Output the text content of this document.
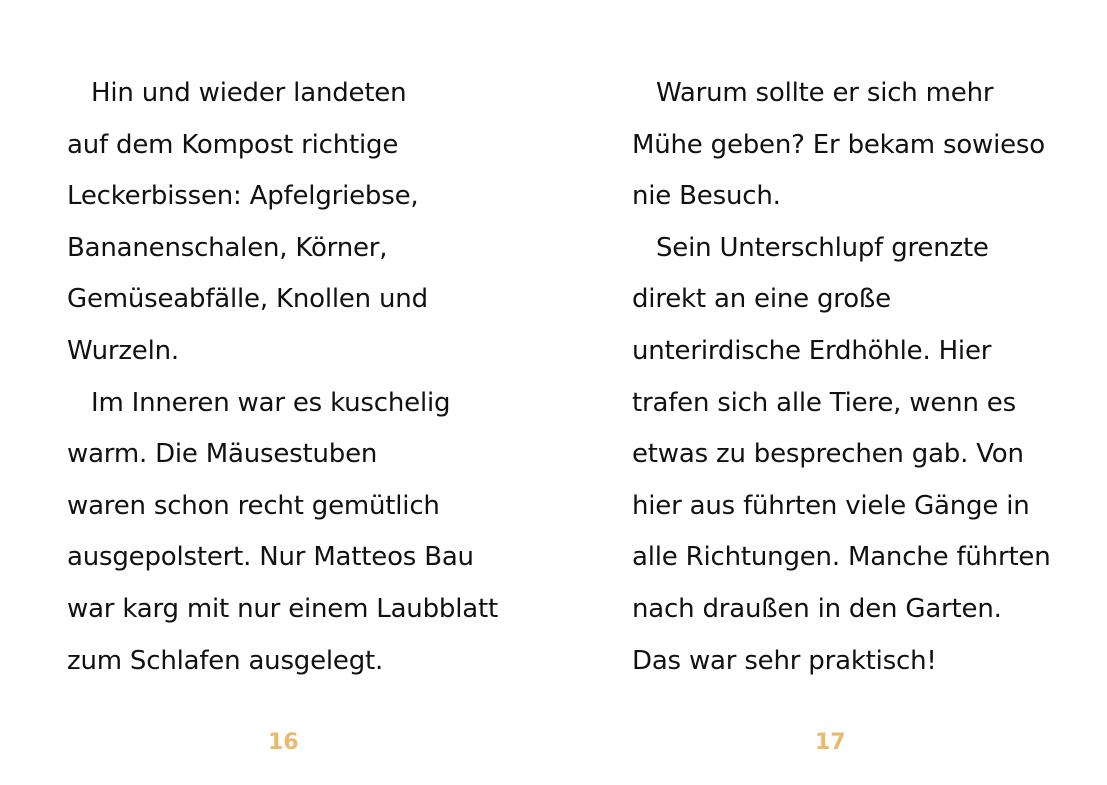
Hin und wieder landeten
auf dem Kompost richtige
Leckerbissen: Apfelgriebse,
Bananenschalen, Körner,
Gemüseabfälle, Knollen und
Wurzeln.
Im Inneren war es kuschelig
warm. Die Mäusestuben
waren schon recht gemütlich
ausgepolstert. Nur Matteos Bau
war karg mit nur einem Laubblatt
zum Schlafen ausgelegt.
Warum sollte er sich mehr
Mühe geben? Er bekam sowieso
nie Besuch.
Sein Unterschlupf grenzte
direkt an eine große
unterirdische Erdhöhle. Hier
trafen sich alle Tiere, wenn es
etwas zu besprechen gab. Von
hier aus führten viele Gänge in
alle Richtungen. Manche führten
nach draußen in den Garten.
Das war sehr praktisch!
16	17
